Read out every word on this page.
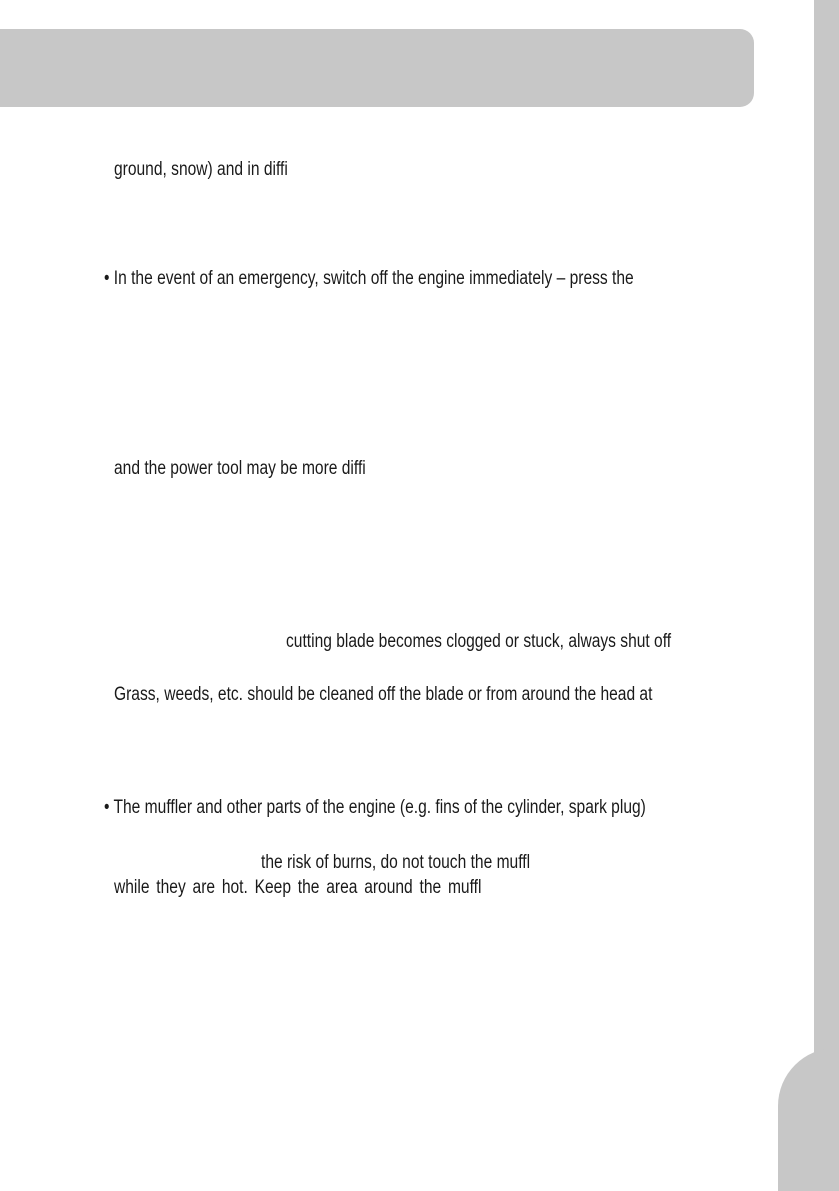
ground, snow) and in diffi
• In the event of an emergency, switch off the engine immediately – press the
and the power tool may be more diffi
cutting blade becomes clogged or stuck, always shut off
Grass, weeds, etc. should be cleaned off the blade or from around the head at
• The muffler and other parts of the engine (e.g. fins of the cylinder, spark plug)
the risk of burns, do not touch the muffl
while they are hot. Keep the area around the muffl
